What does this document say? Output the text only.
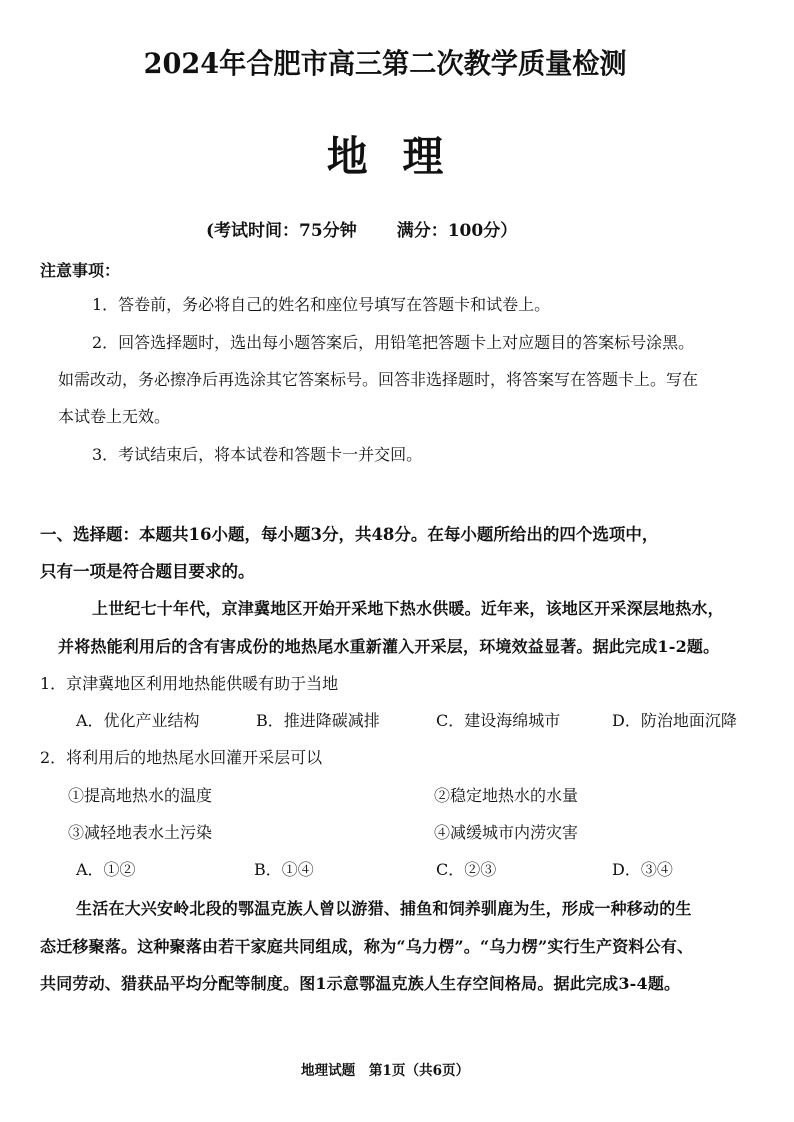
2024年合肥市高三第二次教学质量检测
地理
(考试时间：75分钟 满分：100分）
注意事项：
1．答卷前，务必将自己的姓名和座位号填写在答题卡和试卷上。
2．回答选择题时，选出每小题答案后，用铅笔把答题卡上对应题目的答案标号涂黑。
如需改动，务必擦净后再选涂其它答案标号。回答非选择题时，将答案写在答题卡上。写在
本试卷上无效。
3．考试结束后，将本试卷和答题卡一并交回。
一、选择题：本题共16小题，每小题3分，共48分。在每小题所给出的四个选项中，
只有一项是符合题目要求的。
上世纪七十年代，京津冀地区开始开采地下热水供暖。近年来，该地区开采深层地热水，
并将热能利用后的含有害成份的地热尾水重新灌入开采层，环境效益显著。据此完成1-2题。
1．京津冀地区利用地热能供暖有助于当地
A．优化产业结构	B．推进降碳减排	C．建设海绵城市	D．防治地面沉降
2．将利用后的地热尾水回灌开采层可以
①提高地热水的温度	②稳定地热水的水量
③减轻地表水土污染	④减缓城市内涝灾害
A．①②	B．①④	C．②③	D．③④
生活在大兴安岭北段的鄂温克族人曾以游猎、捕鱼和饲养驯鹿为生，形成一种移动的生
态迁移聚落。这种聚落由若干家庭共同组成，称为“乌力楞”。“乌力楞”实行生产资料公有、
共同劳动、猎获品平均分配等制度。图1示意鄂温克族人生存空间格局。据此完成3-4题。
地理试题　第1页（共6页）
